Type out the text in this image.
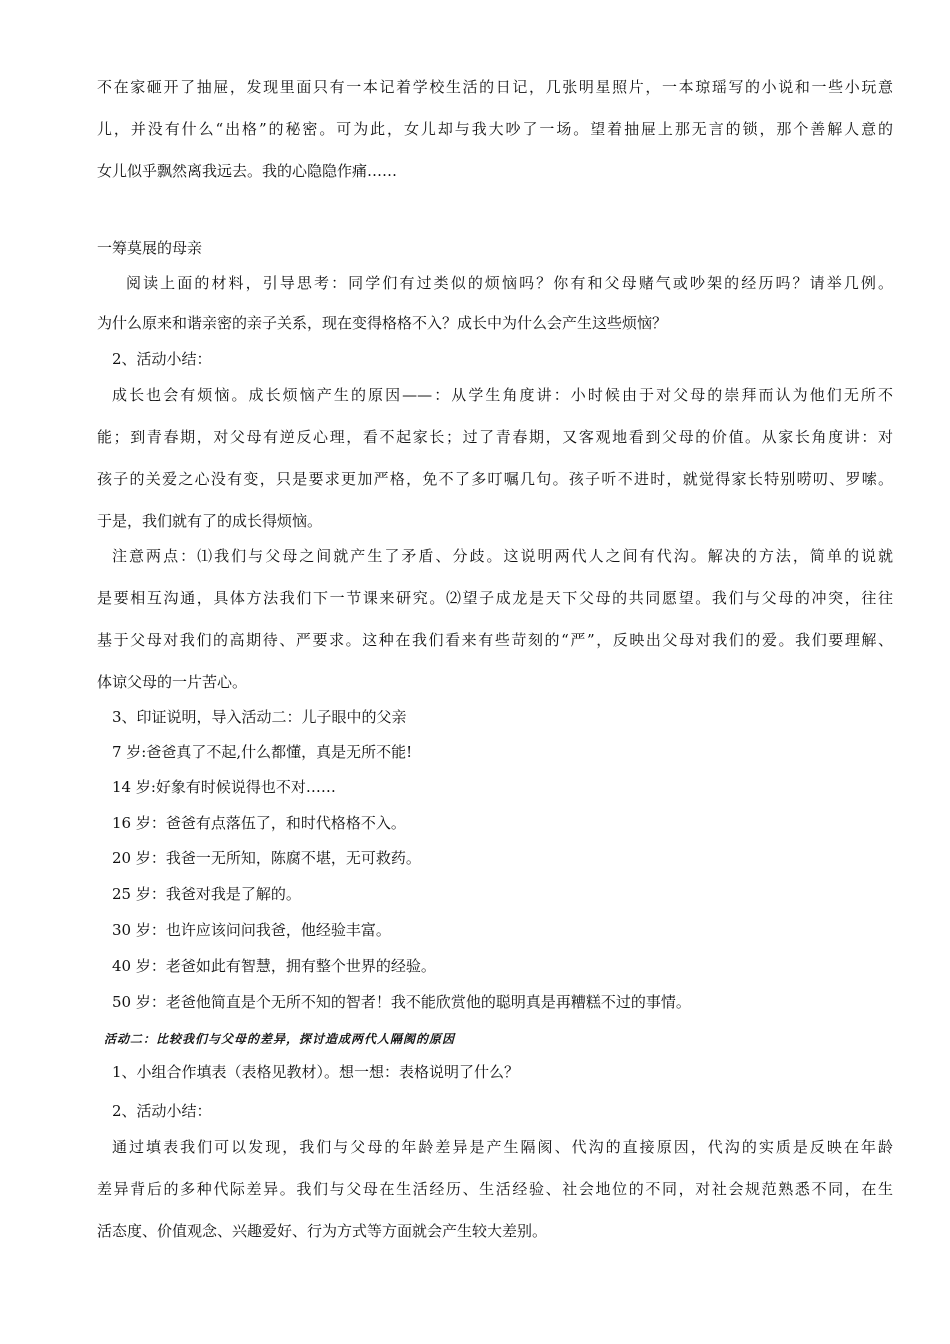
不在家砸开了抽屉，发现里面只有一本记着学校生活的日记，几张明星照片，一本琼瑶写的小说和一些小玩意
儿，并没有什么“出格”的秘密。可为此，女儿却与我大吵了一场。望着抽屉上那无言的锁，那个善解人意的
女儿似乎飘然离我远去。我的心隐隐作痛……
一筹莫展的母亲
阅读上面的材料，引导思考：同学们有过类似的烦恼吗？你有和父母赌气或吵架的经历吗？请举几例。
为什么原来和谐亲密的亲子关系，现在变得格格不入？成长中为什么会产生这些烦恼？
2、活动小结：
成长也会有烦恼。成长烦恼产生的原因——：从学生角度讲：小时候由于对父母的崇拜而认为他们无所不
能；到青春期，对父母有逆反心理，看不起家长；过了青春期，又客观地看到父母的价值。从家长角度讲：对
孩子的关爱之心没有变，只是要求更加严格，免不了多叮嘱几句。孩子听不进时，就觉得家长特别唠叨、罗嗦。
于是，我们就有了的成长得烦恼。
注意两点：⑴我们与父母之间就产生了矛盾、分歧。这说明两代人之间有代沟。解决的方法，简单的说就
是要相互沟通，具体方法我们下一节课来研究。⑵望子成龙是天下父母的共同愿望。我们与父母的冲突，往往
基于父母对我们的高期待、严要求。这种在我们看来有些苛刻的“严”，反映出父母对我们的爱。我们要理解、
体谅父母的一片苦心。
3、印证说明，导入活动二：儿子眼中的父亲
7 岁:爸爸真了不起,什么都懂，真是无所不能!
14 岁:好象有时候说得也不对……
16 岁：爸爸有点落伍了，和时代格格不入。
20 岁：我爸一无所知，陈腐不堪，无可救药。
25 岁：我爸对我是了解的。
30 岁：也许应该问问我爸，他经验丰富。
40 岁：老爸如此有智慧，拥有整个世界的经验。
50 岁：老爸他简直是个无所不知的智者！我不能欣赏他的聪明真是再糟糕不过的事情。
活动二：比较我们与父母的差异，探讨造成两代人隔阂的原因
1、小组合作填表（表格见教材）。想一想：表格说明了什么？
2、活动小结：
通过填表我们可以发现，我们与父母的年龄差异是产生隔阂、代沟的直接原因，代沟的实质是反映在年龄
差异背后的多种代际差异。我们与父母在生活经历、生活经验、社会地位的不同，对社会规范熟悉不同，在生
活态度、价值观念、兴趣爱好、行为方式等方面就会产生较大差别。
